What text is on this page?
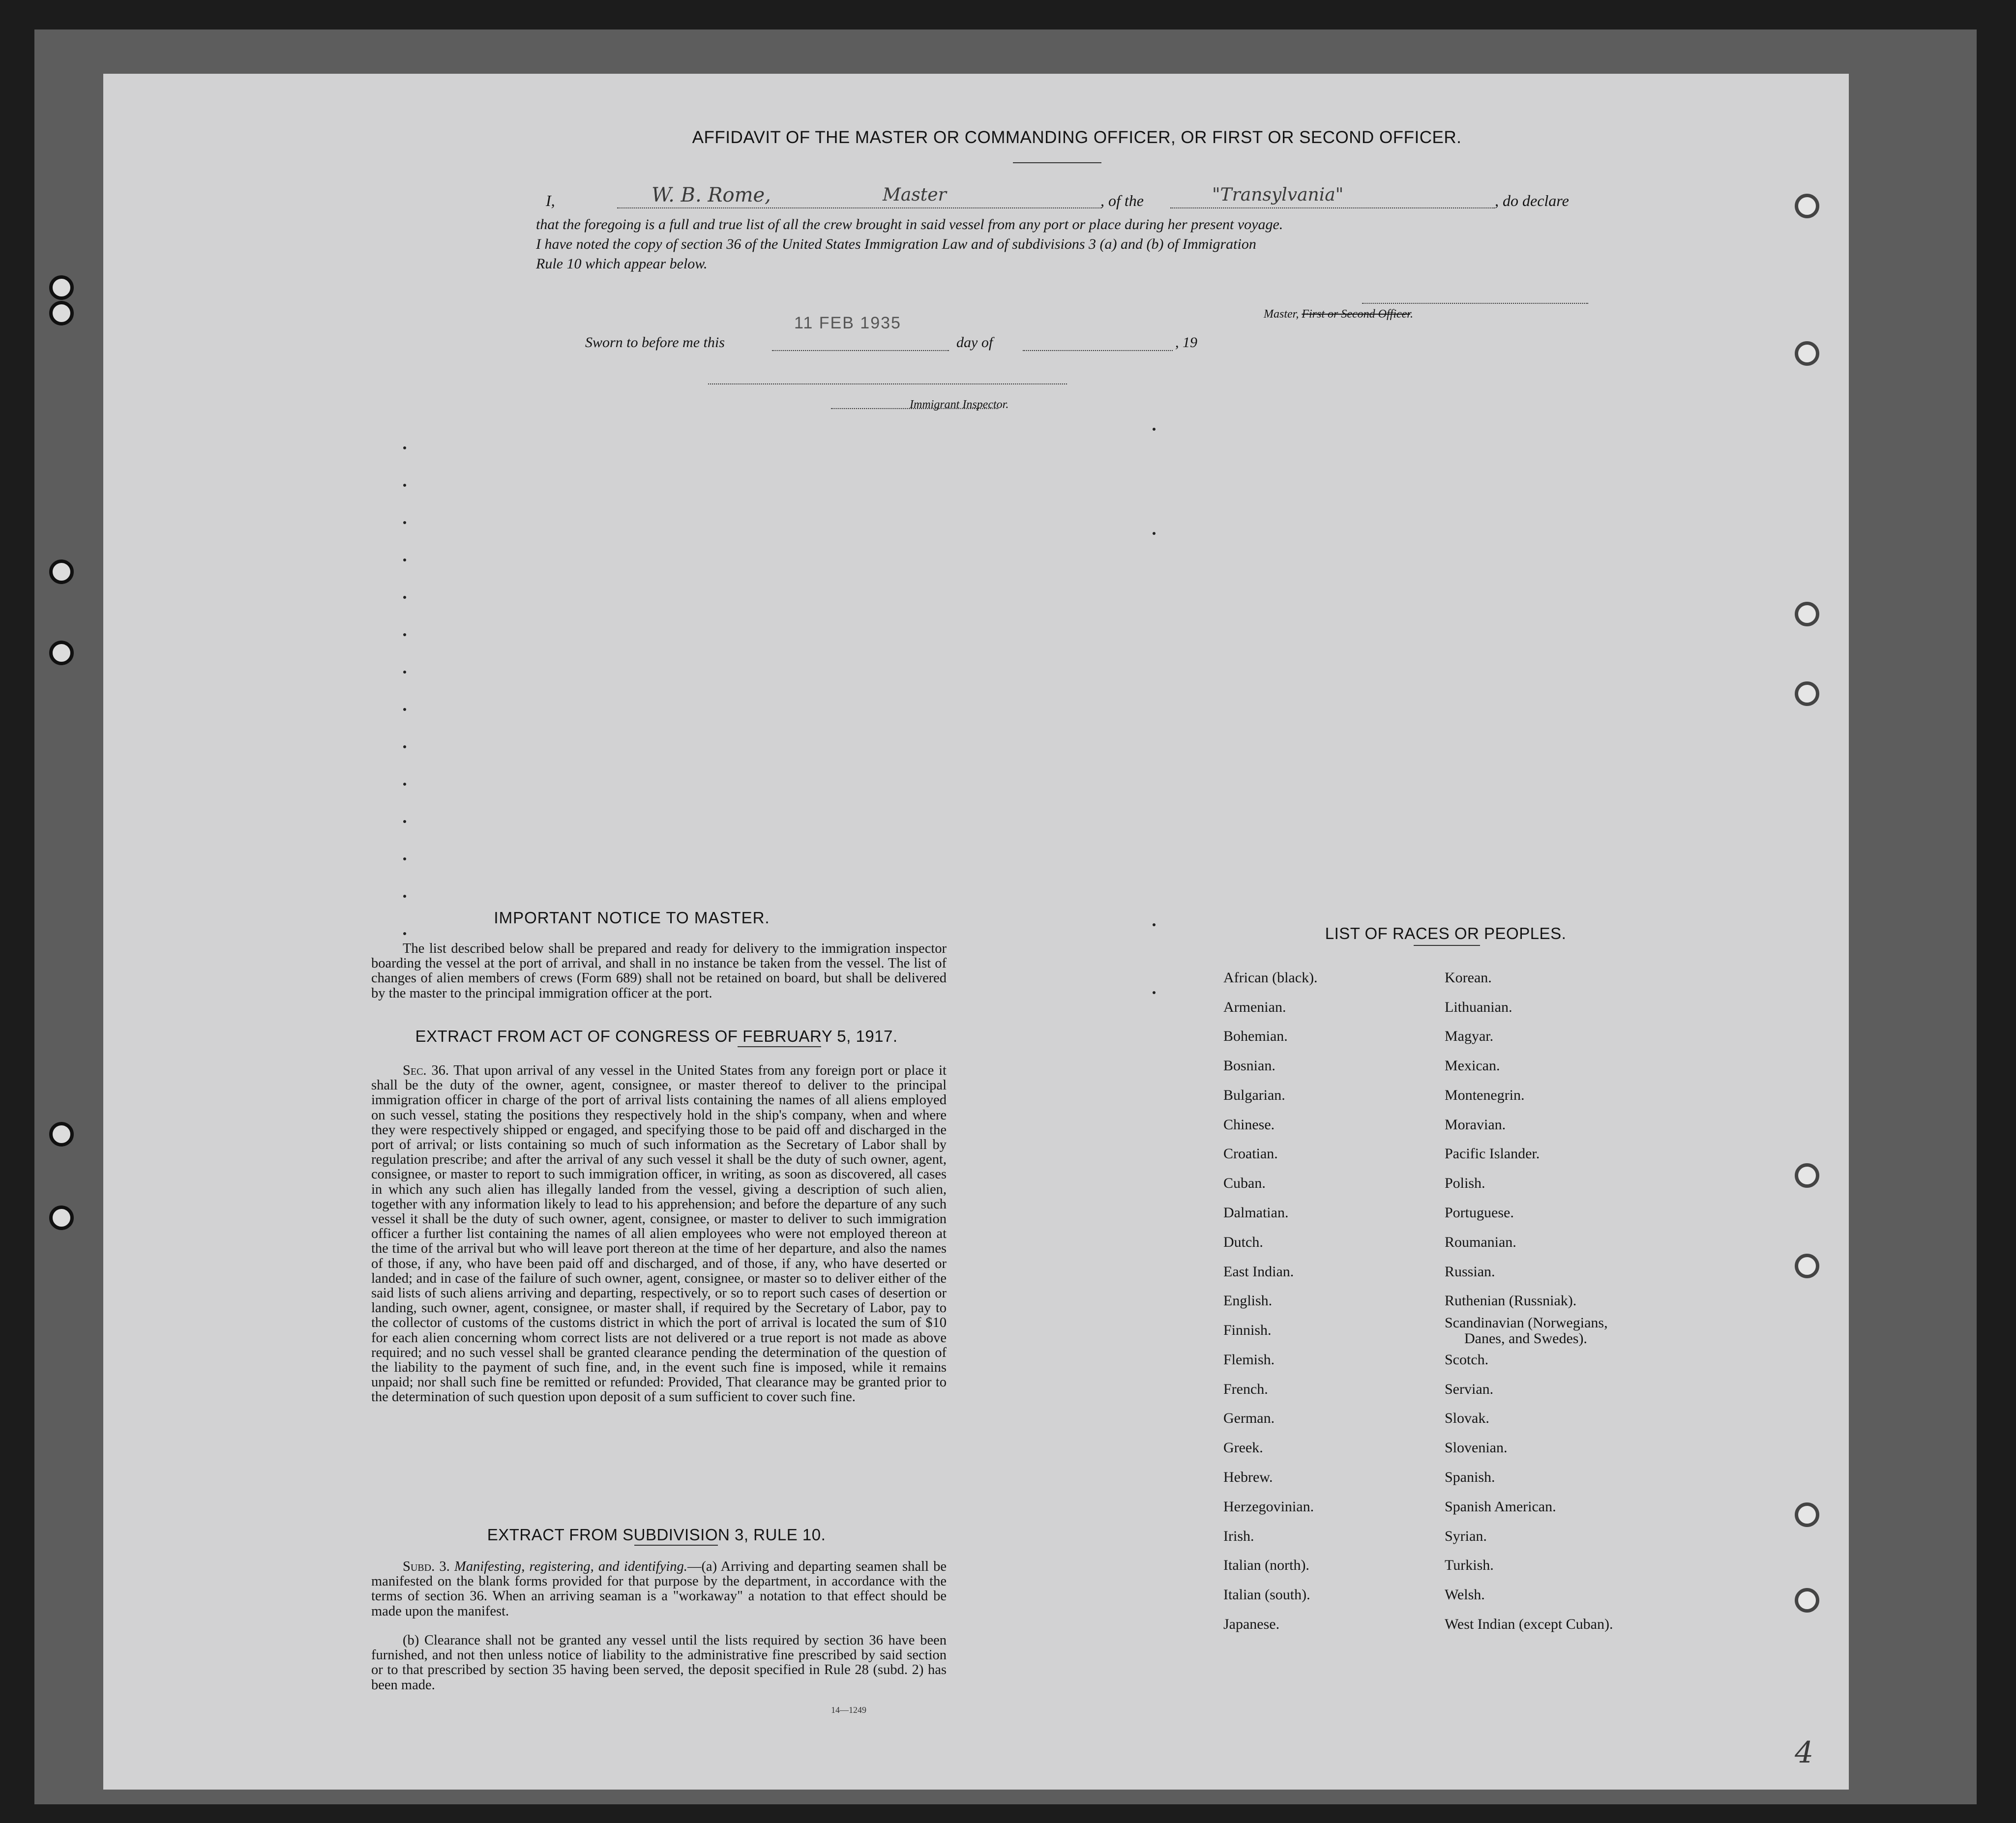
AFFIDAVIT OF THE MASTER OR COMMANDING OFFICER, OR FIRST OR SECOND OFFICER.
I,	W. B. Rome,	Master	, of the	"Transylvania"	, do declare
that the foregoing is a full and true list of all the crew brought in said vessel from any port or place during her present voyage.
I have noted the copy of section 36 of the United States Immigration Law and of subdivisions 3 (a) and (b) of Immigration
Rule 10 which appear below.
Master, First or Second Officer.
11 FEB 1935
Sworn to before me this	day of	, 19
Immigrant Inspector.
IMPORTANT NOTICE TO MASTER.
The list described below shall be prepared and ready for delivery to the immigration inspector boarding the vessel at the port of arrival, and shall in no instance be taken from the vessel. The list of changes of alien members of crews (Form 689) shall not be retained on board, but shall be delivered by the master to the principal immigration officer at the port.
EXTRACT FROM ACT OF CONGRESS OF FEBRUARY 5, 1917.
Sec. 36. That upon arrival of any vessel in the United States from any foreign port or place it shall be the duty of the owner, agent, consignee, or master thereof to deliver to the principal immigration officer in charge of the port of arrival lists containing the names of all aliens employed on such vessel, stating the positions they respectively hold in the ship's company, when and where they were respectively shipped or engaged, and specifying those to be paid off and discharged in the port of arrival; or lists containing so much of such information as the Secretary of Labor shall by regulation prescribe; and after the arrival of any such vessel it shall be the duty of such owner, agent, consignee, or master to report to such immigration officer, in writing, as soon as discovered, all cases in which any such alien has illegally landed from the vessel, giving a description of such alien, together with any information likely to lead to his apprehension; and before the departure of any such vessel it shall be the duty of such owner, agent, consignee, or master to deliver to such immigration officer a further list containing the names of all alien employees who were not employed thereon at the time of the arrival but who will leave port thereon at the time of her departure, and also the names of those, if any, who have been paid off and discharged, and of those, if any, who have deserted or landed; and in case of the failure of such owner, agent, consignee, or master so to deliver either of the said lists of such aliens arriving and departing, respectively, or so to report such cases of desertion or landing, such owner, agent, consignee, or master shall, if required by the Secretary of Labor, pay to the collector of customs of the customs district in which the port of arrival is located the sum of $10 for each alien concerning whom correct lists are not delivered or a true report is not made as above required; and no such vessel shall be granted clearance pending the determination of the question of the liability to the payment of such fine, and, in the event such fine is imposed, while it remains unpaid; nor shall such fine be remitted or refunded: Provided, That clearance may be granted prior to the determination of such question upon deposit of a sum sufficient to cover such fine.
EXTRACT FROM SUBDIVISION 3, RULE 10.
Subd. 3. Manifesting, registering, and identifying.—(a) Arriving and departing seamen shall be manifested on the blank forms provided for that purpose by the department, in accordance with the terms of section 36. When an arriving seaman is a "workaway" a notation to that effect should be made upon the manifest.
(b) Clearance shall not be granted any vessel until the lists required by section 36 have been furnished, and not then unless notice of liability to the administrative fine prescribed by said section or to that prescribed by section 35 having been served, the deposit specified in Rule 28 (subd. 2) has been made.
14—1249
LIST OF RACES OR PEOPLES.
African (black).
Armenian.
Bohemian.
Bosnian.
Bulgarian.
Chinese.
Croatian.
Cuban.
Dalmatian.
Dutch.
East Indian.
English.
Finnish.
Flemish.
French.
German.
Greek.
Hebrew.
Herzegovinian.
Irish.
Italian (north).
Italian (south).
Japanese.
Korean.
Lithuanian.
Magyar.
Mexican.
Montenegrin.
Moravian.
Pacific Islander.
Polish.
Portuguese.
Roumanian.
Russian.
Ruthenian (Russniak).
Scandinavian (Norwegians,
Danes, and Swedes).
Scotch.
Servian.
Slovak.
Slovenian.
Spanish.
Spanish American.
Syrian.
Turkish.
Welsh.
West Indian (except Cuban).
4
